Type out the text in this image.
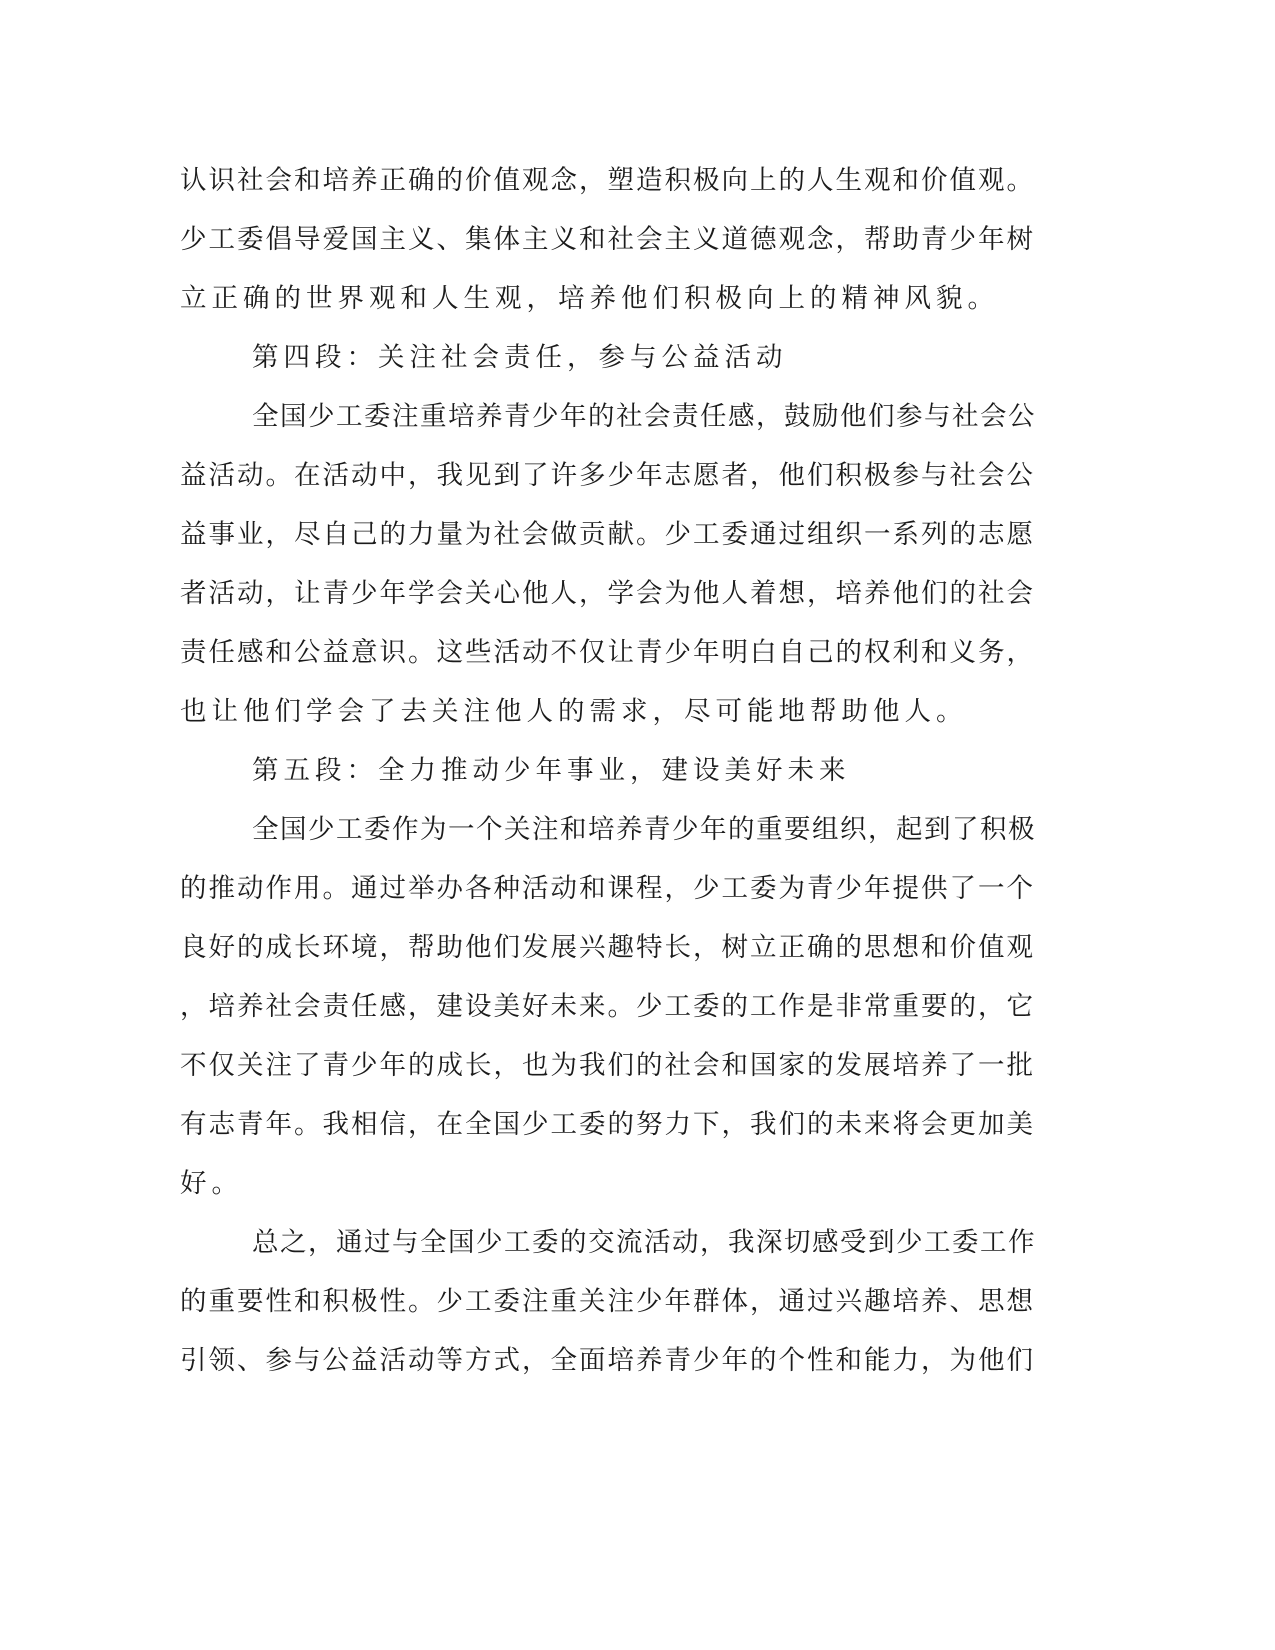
认识社会和培养正确的价值观念，塑造积极向上的人生观和价值观。
少工委倡导爱国主义、集体主义和社会主义道德观念，帮助青少年树
立正确的世界观和人生观，培养他们积极向上的精神风貌。
第四段：关注社会责任，参与公益活动
全国少工委注重培养青少年的社会责任感，鼓励他们参与社会公
益活动。在活动中，我见到了许多少年志愿者，他们积极参与社会公
益事业，尽自己的力量为社会做贡献。少工委通过组织一系列的志愿
者活动，让青少年学会关心他人，学会为他人着想，培养他们的社会
责任感和公益意识。这些活动不仅让青少年明白自己的权利和义务，
也让他们学会了去关注他人的需求，尽可能地帮助他人。
第五段：全力推动少年事业，建设美好未来
全国少工委作为一个关注和培养青少年的重要组织，起到了积极
的推动作用。通过举办各种活动和课程，少工委为青少年提供了一个
良好的成长环境，帮助他们发展兴趣特长，树立正确的思想和价值观
，培养社会责任感，建设美好未来。少工委的工作是非常重要的，它
不仅关注了青少年的成长，也为我们的社会和国家的发展培养了一批
有志青年。我相信，在全国少工委的努力下，我们的未来将会更加美
好。
总之，通过与全国少工委的交流活动，我深切感受到少工委工作
的重要性和积极性。少工委注重关注少年群体，通过兴趣培养、思想
引领、参与公益活动等方式，全面培养青少年的个性和能力，为他们
